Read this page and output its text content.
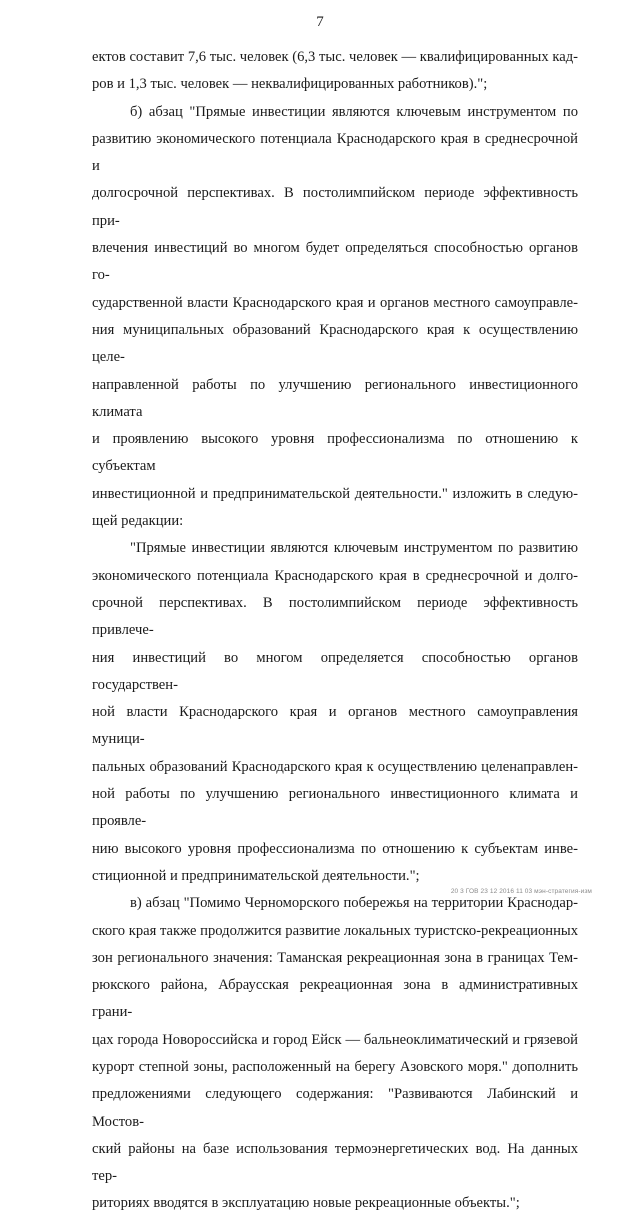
7

ектов составит 7,6 тыс. человек (6,3 тыс. человек — квалифицированных кад-
ров и 1,3 тыс. человек — неквалифицированных работников).";

б) абзац "Прямые инвестиции являются ключевым инструментом по
развитию экономического потенциала Краснодарского края в среднесрочной и
долгосрочной перспективах. В постолимпийском периоде эффективность при-
влечения инвестиций во многом будет определяться способностью органов го-
сударственной власти Краснодарского края и органов местного самоуправле-
ния муниципальных образований Краснодарского края к осуществлению целе-
направленной работы по улучшению регионального инвестиционного климата
и проявлению высокого уровня профессионализма по отношению к субъектам
инвестиционной и предпринимательской деятельности." изложить в следую-
щей редакции:

"Прямые инвестиции являются ключевым инструментом по развитию
экономического потенциала Краснодарского края в среднесрочной и долго-
срочной перспективах. В постолимпийском периоде эффективность привлече-
ния инвестиций во многом определяется способностью органов государствен-
ной власти Краснодарского края и органов местного самоуправления муници-
пальных образований Краснодарского края к осуществлению целенаправлен-
ной работы по улучшению регионального инвестиционного климата и проявле-
нию высокого уровня профессионализма по отношению к субъектам инве-
стиционной и предпринимательской деятельности.";

в) абзац "Помимо Черноморского побережья на территории Краснодар-
ского края также продолжится развитие локальных туристско-рекреационных
зон регионального значения: Таманская рекреационная зона в границах Тем-
рюкского района, Абраусская рекреационная зона в административных грани-
цах города Новороссийска и город Ейск — бальнеоклиматический и грязевой
курорт степной зоны, расположенный на берегу Азовского моря." дополнить
предложениями следующего содержания: "Развиваются Лабинский и Мостов-
ский районы на базе использования термоэнергетических вод. На данных тер-
риториях вводятся в эксплуатацию новые рекреационные объекты.";

20 3 ГОВ 23 12 2016 11 03 мэн-стратегия-изм
